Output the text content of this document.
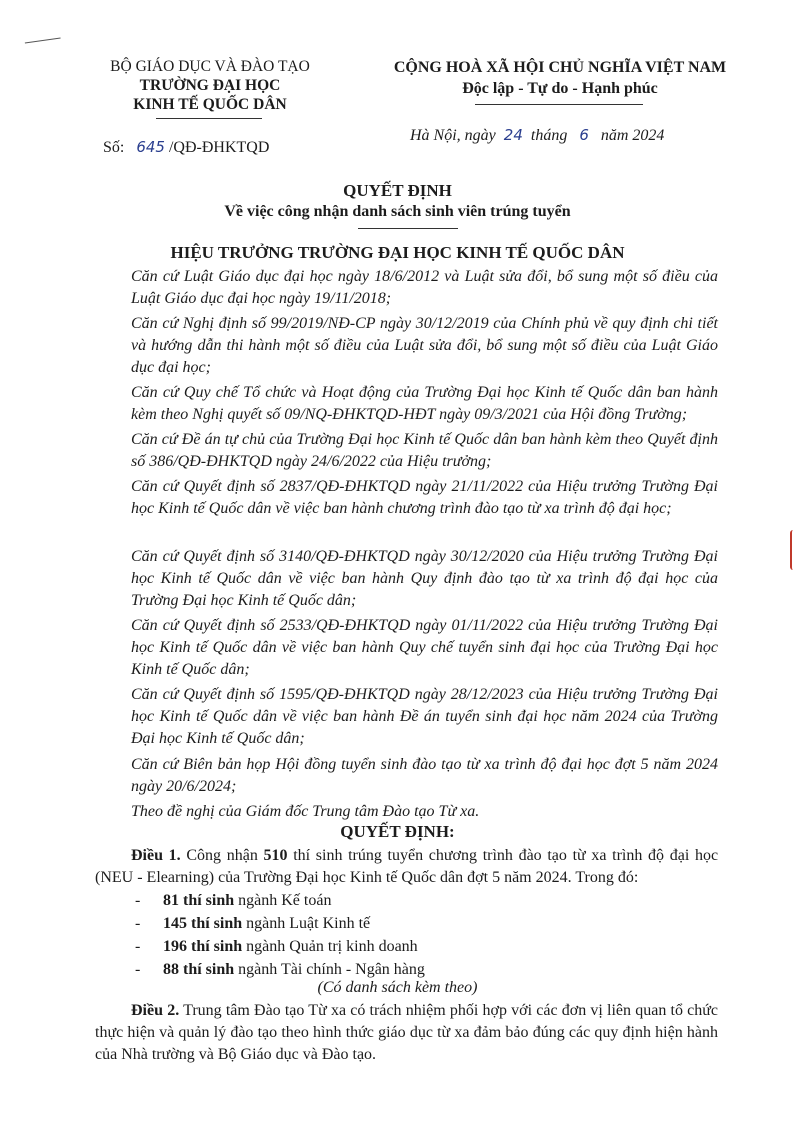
BỘ GIÁO DỤC VÀ ĐÀO TẠO
TRƯỜNG ĐẠI HỌC
KINH TẾ QUỐC DÂN
Số: 645 /QĐ-ĐHKTQD
CỘNG HOÀ XÃ HỘI CHỦ NGHĨA VIỆT NAM
Độc lập - Tự do - Hạnh phúc
Hà Nội, ngày 24 tháng 6 năm 2024
QUYẾT ĐỊNH
Về việc công nhận danh sách sinh viên trúng tuyển
HIỆU TRƯỞNG TRƯỜNG ĐẠI HỌC KINH TẾ QUỐC DÂN
Căn cứ Luật Giáo dục đại học ngày 18/6/2012 và Luật sửa đổi, bổ sung một số điều của Luật Giáo dục đại học ngày 19/11/2018;
Căn cứ Nghị định số 99/2019/NĐ-CP ngày 30/12/2019 của Chính phủ về quy định chi tiết và hướng dẫn thi hành một số điều của Luật sửa đổi, bổ sung một số điều của Luật Giáo dục đại học;
Căn cứ Quy chế Tổ chức và Hoạt động của Trường Đại học Kinh tế Quốc dân ban hành kèm theo Nghị quyết số 09/NQ-ĐHKTQD-HĐT ngày 09/3/2021 của Hội đồng Trường;
Căn cứ Đề án tự chủ của Trường Đại học Kinh tế Quốc dân ban hành kèm theo Quyết định số 386/QĐ-ĐHKTQD ngày 24/6/2022 của Hiệu trưởng;
Căn cứ Quyết định số 2837/QĐ-ĐHKTQD ngày 21/11/2022 của Hiệu trưởng Trường Đại học Kinh tế Quốc dân về việc ban hành chương trình đào tạo từ xa trình độ đại học;
Căn cứ Quyết định số 3140/QĐ-ĐHKTQD ngày 30/12/2020 của Hiệu trưởng Trường Đại học Kinh tế Quốc dân về việc ban hành Quy định đào tạo từ xa trình độ đại học của Trường Đại học Kinh tế Quốc dân;
Căn cứ Quyết định số 2533/QĐ-ĐHKTQD ngày 01/11/2022 của Hiệu trưởng Trường Đại học Kinh tế Quốc dân về việc ban hành Quy chế tuyển sinh đại học của Trường Đại học Kinh tế Quốc dân;
Căn cứ Quyết định số 1595/QĐ-ĐHKTQD ngày 28/12/2023 của Hiệu trưởng Trường Đại học Kinh tế Quốc dân về việc ban hành Đề án tuyển sinh đại học năm 2024 của Trường Đại học Kinh tế Quốc dân;
Căn cứ Biên bản họp Hội đồng tuyển sinh đào tạo từ xa trình độ đại học đợt 5 năm 2024 ngày 20/6/2024;
Theo đề nghị của Giám đốc Trung tâm Đào tạo Từ xa.
QUYẾT ĐỊNH:
Điều 1. Công nhận 510 thí sinh trúng tuyển chương trình đào tạo từ xa trình độ đại học (NEU - Elearning) của Trường Đại học Kinh tế Quốc dân đợt 5 năm 2024. Trong đó:
- 81 thí sinh ngành Kế toán
- 145 thí sinh ngành Luật Kinh tế
- 196 thí sinh ngành Quản trị kinh doanh
- 88 thí sinh ngành Tài chính - Ngân hàng
(Có danh sách kèm theo)
Điều 2. Trung tâm Đào tạo Từ xa có trách nhiệm phối hợp với các đơn vị liên quan tổ chức thực hiện và quản lý đào tạo theo hình thức giáo dục từ xa đảm bảo đúng các quy định hiện hành của Nhà trường và Bộ Giáo dục và Đào tạo.
